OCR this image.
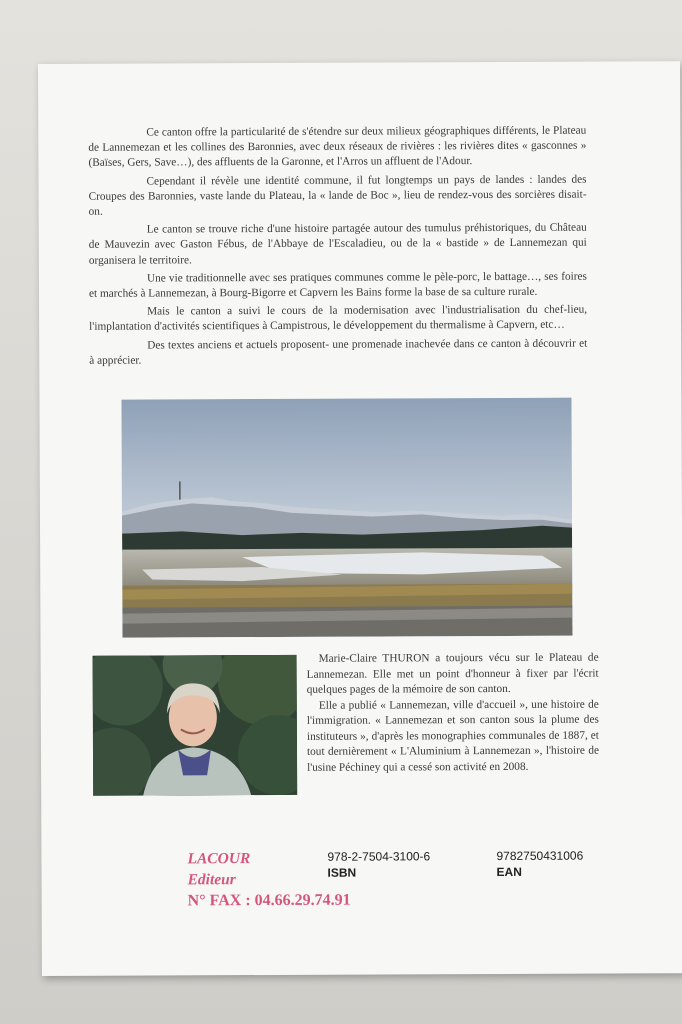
Ce canton offre la particularité de s'étendre sur deux milieux géographiques différents, le Plateau de Lannemezan et les collines des Baronnies, avec deux réseaux de rivières : les rivières dites « gasconnes » (Baïses, Gers, Save…), des affluents de la Garonne, et l'Arros un affluent de l'Adour.

Cependant il révèle une identité commune, il fut longtemps un pays de landes : landes des Croupes des Baronnies, vaste lande du Plateau, la « lande de Boc », lieu de rendez-vous des sorcières disait-on.

Le canton se trouve riche d'une histoire partagée autour des tumulus préhistoriques, du Château de Mauvezin avec Gaston Fébus, de l'Abbaye de l'Escaladieu, ou de la « bastide » de Lannemezan qui organisera le territoire.

Une vie traditionnelle avec ses pratiques communes comme le pèle-porc, le battage…, ses foires et marchés à Lannemezan, à Bourg-Bigorre et Capvern les Bains forme la base de sa culture rurale.

Mais le canton a suivi le cours de la modernisation avec l'industrialisation du chef-lieu, l'implantation d'activités scientifiques à Campistrous, le développement du thermalisme à Capvern, etc…

Des textes anciens et actuels proposent- une promenade inachevée dans ce canton à découvrir et à apprécier.

Marie-Claire THURON a toujours vécu sur le Plateau de Lannemezan. Elle met un point d'honneur à fixer par l'écrit quelques pages de la mémoire de son canton.

Elle a publié « Lannemezan, ville d'accueil », une histoire de l'immigration. « Lannemezan et son canton sous la plume des instituteurs », d'après les monographies communales de 1887, et tout dernièrement « L'Aluminium à Lannemezan », l'histoire de l'usine Péchiney qui a cessé son activité en 2008.

LACOUR
Editeur
N° FAX : 04.66.29.74.91
978-2-7504-3100-6
ISBN
9782750431006
EAN
